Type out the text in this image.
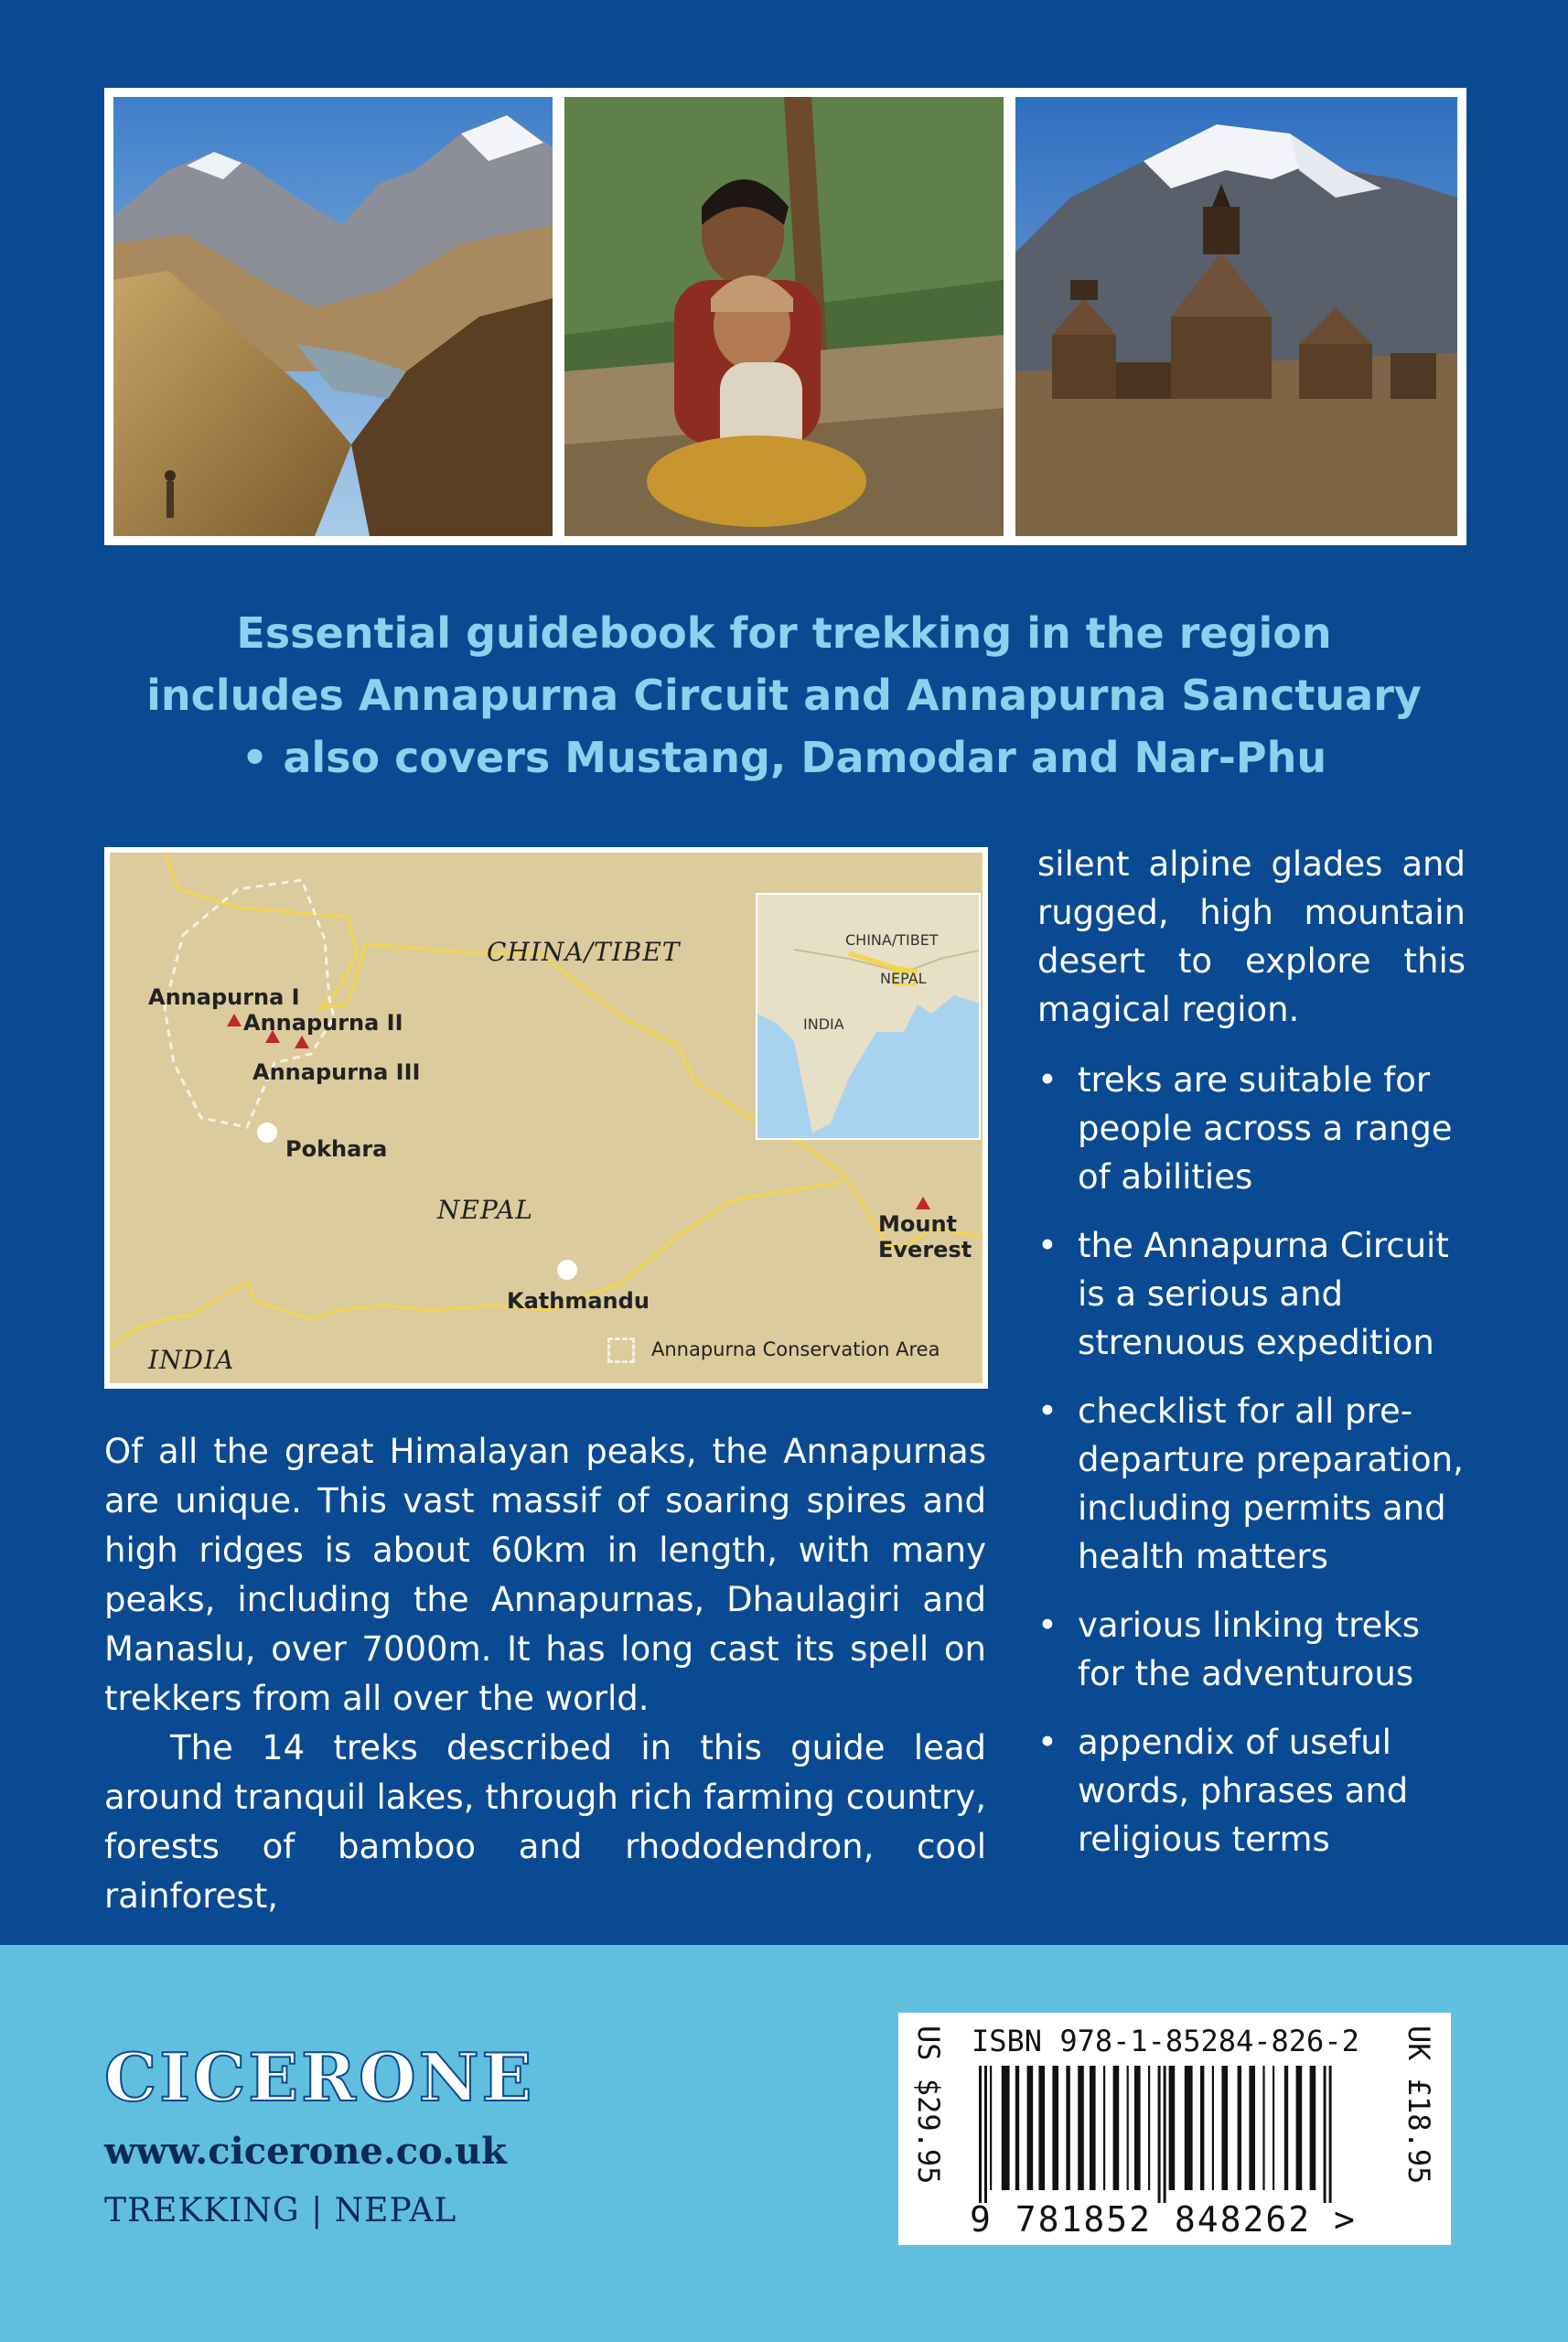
Essential guidebook for trekking in the region
includes Annapurna Circuit and Annapurna Sanctuary
• also covers Mustang, Damodar and Nar-Phu
CHINA/TIBET
NEPAL
INDIA
Annapurna I
Annapurna II
Annapurna III
Mount
Everest
Pokhara
Kathmandu
CHINA/TIBET
NEPAL
INDIA
Annapurna Conservation Area
silent alpine glades and rugged, high mountain desert to explore this magical region.
• treks are suitable for people across a range of abilities
• the Annapurna Circuit is a serious and strenuous expedition
• checklist for all pre-departure preparation, including permits and health matters
• various linking treks for the adventurous
• appendix of useful words, phrases and religious terms

Of all the great Himalayan peaks, the Annapurnas are unique. This vast massif of soaring spires and high ridges is about 60km in length, with many peaks, including the Annapurnas, Dhaulagiri and Manaslu, over 7000m. It has long cast its spell on trekkers from all over the world.

The 14 treks described in this guide lead around tranquil lakes, through rich farming country, forests of bamboo and rhododendron, cool rainforest,

CICERONE
www.cicerone.co.uk
TREKKING | NEPAL
ISBN 978-1-85284-826-2
US $29.95	UK £18.95
9 781852 848262 >
